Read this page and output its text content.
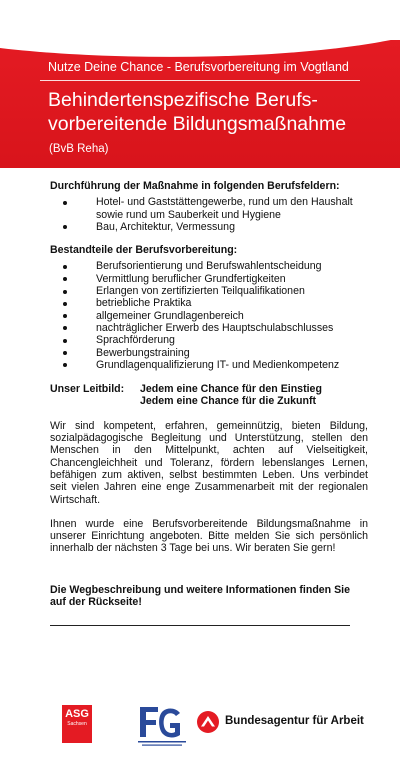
Nutze Deine Chance - Berufsvorbereitung im Vogtland
Behindertenspezifische Berufs-vorbereitende Bildungsmaßnahme
(BvB Reha)

Durchführung der Maßnahme in folgenden Berufsfeldern:

Hotel- und Gaststättengewerbe, rund um den Haushalt sowie rund um Sauberkeit und Hygiene
Bau, Architektur, Vermessung

Bestandteile der Berufsvorbereitung:

Berufsorientierung und Berufswahlentscheidung
Vermittlung beruflicher Grundfertigkeiten
Erlangen von zertifizierten Teilqualifikationen
betriebliche Praktika
allgemeiner Grundlagenbereich
nachträglicher Erwerb des Hauptschulabschlusses
Sprachförderung
Bewerbungstraining
Grundlagenqualifizierung IT- und Medienkompetenz
Unser Leitbild:	Jedem eine Chance für den Einstieg
Jedem eine Chance für die Zukunft
Wir sind kompetent, erfahren, gemeinnützig, bieten Bildung, sozialpädagogische Begleitung und Unterstützung, stellen den Menschen in den Mittelpunkt, achten auf Vielseitigkeit, Chancengleichheit und Toleranz, fördern lebenslanges Lernen, befähigen zum aktiven, selbst bestimmten Leben. Uns verbindet seit vielen Jahren eine enge Zusammenarbeit mit der regionalen Wirtschaft.
Ihnen wurde eine Berufsvorbereitende Bildungsmaßnahme in unserer Einrichtung angeboten. Bitte melden Sie sich persönlich innerhalb der nächsten 3 Tage bei uns. Wir beraten Sie gern!
Die Wegbeschreibung und weitere Informationen finden Sie auf der Rückseite!
ASG
Sachsen	Bundesagentur für Arbeit
